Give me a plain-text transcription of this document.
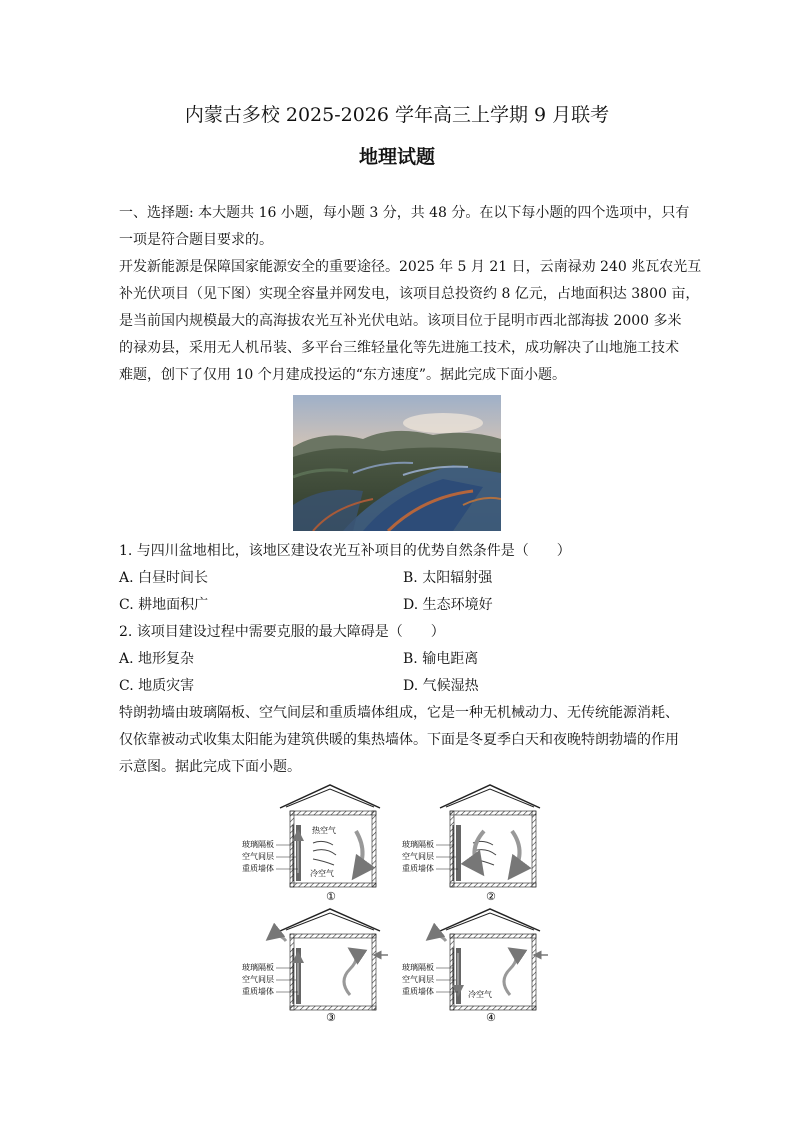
内蒙古多校 2025-2026 学年高三上学期 9 月联考
地理试题
一、选择题: 本大题共 16 小题，每小题 3 分，共 48 分。在以下每小题的四个选项中，只有
一项是符合题目要求的。
开发新能源是保障国家能源安全的重要途径。2025 年 5 月 21 日，云南禄劝 240 兆瓦农光互
补光伏项目（见下图）实现全容量并网发电，该项目总投资约 8 亿元，占地面积达 3800 亩，
是当前国内规模最大的高海拔农光互补光伏电站。该项目位于昆明市西北部海拔 2000 多米
的禄劝县，采用无人机吊装、多平台三维轻量化等先进施工技术，成功解决了山地施工技术
难题，创下了仅用 10 个月建成投运的“东方速度”。据此完成下面小题。
1. 与四川盆地相比，该地区建设农光互补项目的优势自然条件是（　　）
A. 白昼时间长	B. 太阳辐射强
C. 耕地面积广	D. 生态环境好
2. 该项目建设过程中需要克服的最大障碍是（　　）
A. 地形复杂	B. 输电距离
C. 地质灾害	D. 气候湿热
特朗勃墙由玻璃隔板、空气间层和重质墙体组成，它是一种无机械动力、无传统能源消耗、
仅依靠被动式收集太阳能为建筑供暖的集热墙体。下面是冬夏季白天和夜晚特朗勃墙的作用
示意图。据此完成下面小题。
热空气
冷空气
玻璃隔板
空气间层
重质墙体
①
玻璃隔板
空气间层
重质墙体
②
玻璃隔板
空气间层
重质墙体
③
冷空气
玻璃隔板
空气间层
重质墙体
④
